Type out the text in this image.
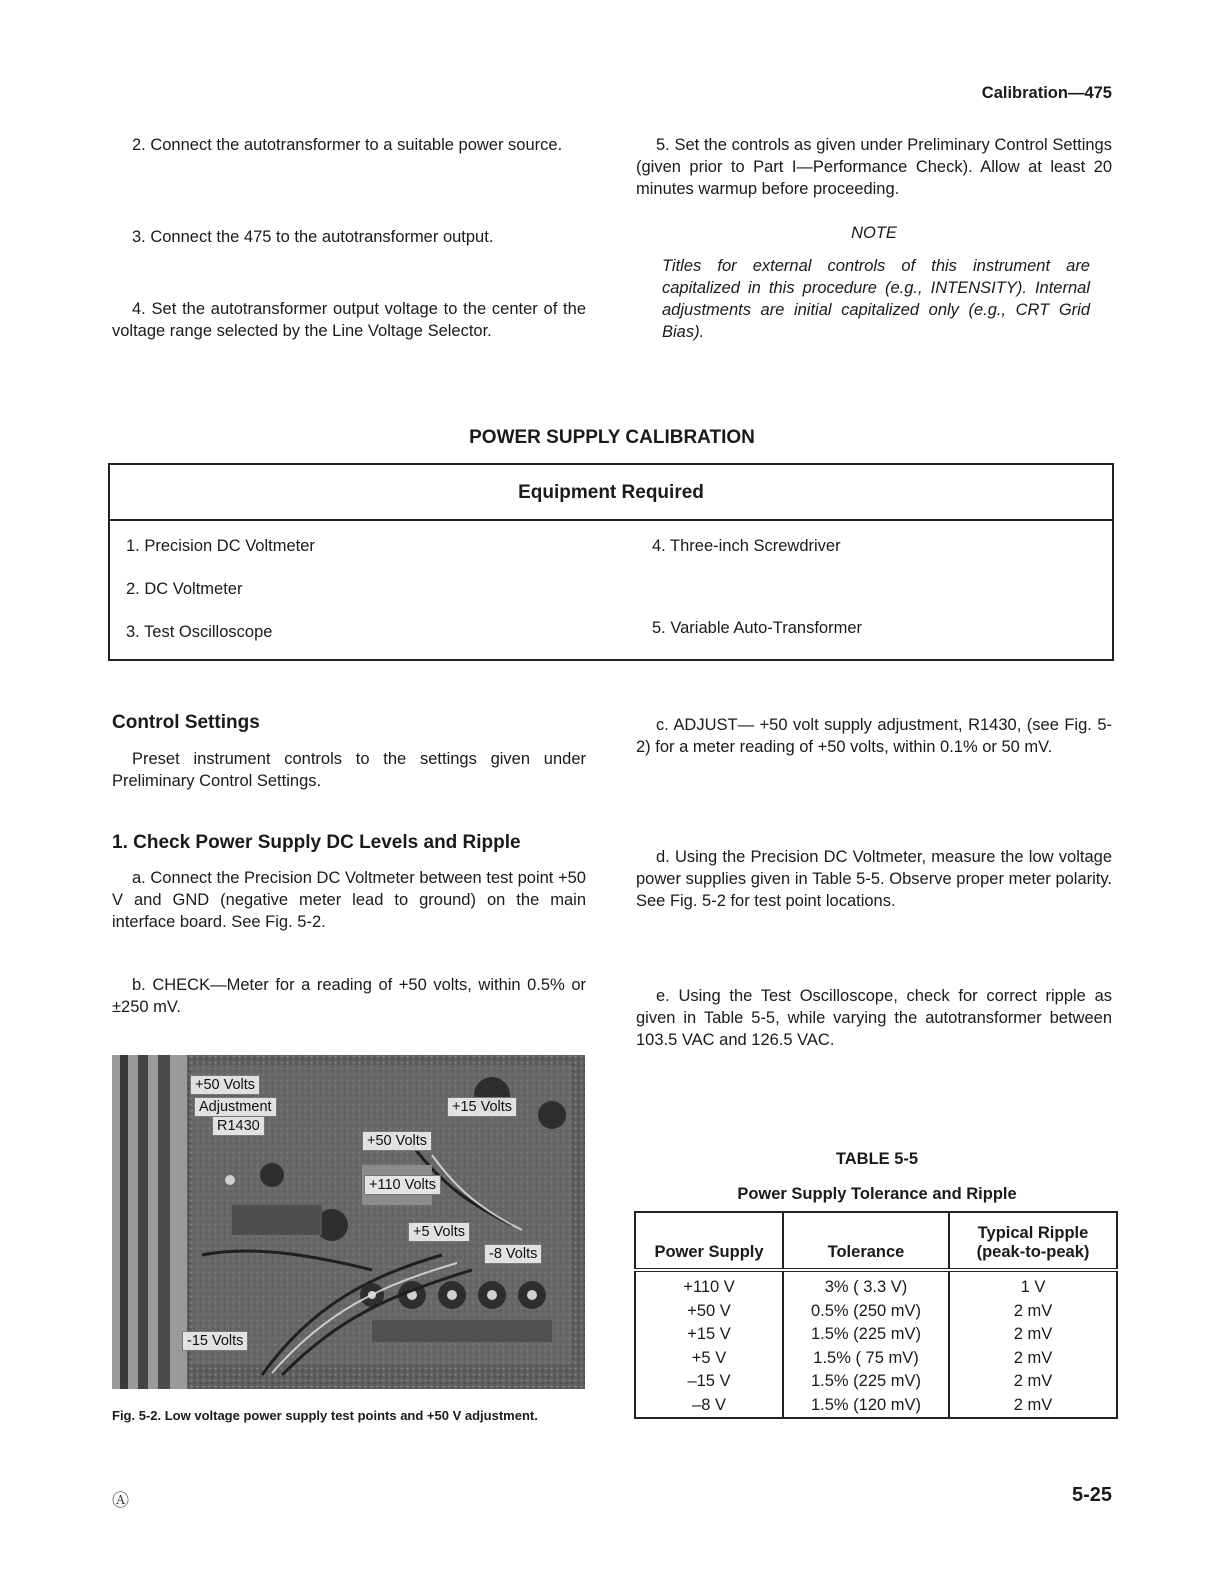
Calibration—475

2. Connect the autotransformer to a suitable power source.

3. Connect the 475 to the autotransformer output.

4. Set the autotransformer output voltage to the center of the voltage range selected by the Line Voltage Selector.

5. Set the controls as given under Preliminary Control Settings (given prior to Part I—Performance Check). Allow at least 20 minutes warmup before proceeding.

NOTE

Titles for external controls of this instrument are capitalized in this procedure (e.g., INTENSITY). Internal adjustments are initial capitalized only (e.g., CRT Grid Bias).

POWER SUPPLY CALIBRATION
Equipment Required
1. Precision DC Voltmeter
2. DC Voltmeter
3. Test Oscilloscope
4. Three-inch Screwdriver
5. Variable Auto-Transformer
Control Settings

Preset instrument controls to the settings given under Preliminary Control Settings.

1. Check Power Supply DC Levels and Ripple

a. Connect the Precision DC Voltmeter between test point +50 V and GND (negative meter lead to ground) on the main interface board. See Fig. 5-2.

b. CHECK—Meter for a reading of +50 volts, within 0.5% or ±250 mV.

+50 Volts
Adjustment
R1430
+15 Volts
+50 Volts
+110 Volts
+5 Volts
-8 Volts
-15 Volts
Fig. 5-2. Low voltage power supply test points and +50 V adjustment.

c. ADJUST— +50 volt supply adjustment, R1430, (see Fig. 5-2) for a meter reading of +50 volts, within 0.1% or 50 mV.

d. Using the Precision DC Voltmeter, measure the low voltage power supplies given in Table 5-5. Observe proper meter polarity. See Fig. 5-2 for test point locations.

e. Using the Test Oscilloscope, check for correct ripple as given in Table 5-5, while varying the autotransformer between 103.5 VAC and 126.5 VAC.

TABLE 5-5
Power Supply Tolerance and Ripple
Power Supply	Tolerance	Typical Ripple (peak-to-peak)
+110 V	3% ( 3.3 V)	1 V
+50 V	0.5% (250 mV)	2 mV
+15 V	1.5% (225 mV)	2 mV
+5 V	1.5% ( 75 mV)	2 mV
–15 V	1.5% (225 mV)	2 mV
–8 V	1.5% (120 mV)	2 mV
Ⓐ	5-25
